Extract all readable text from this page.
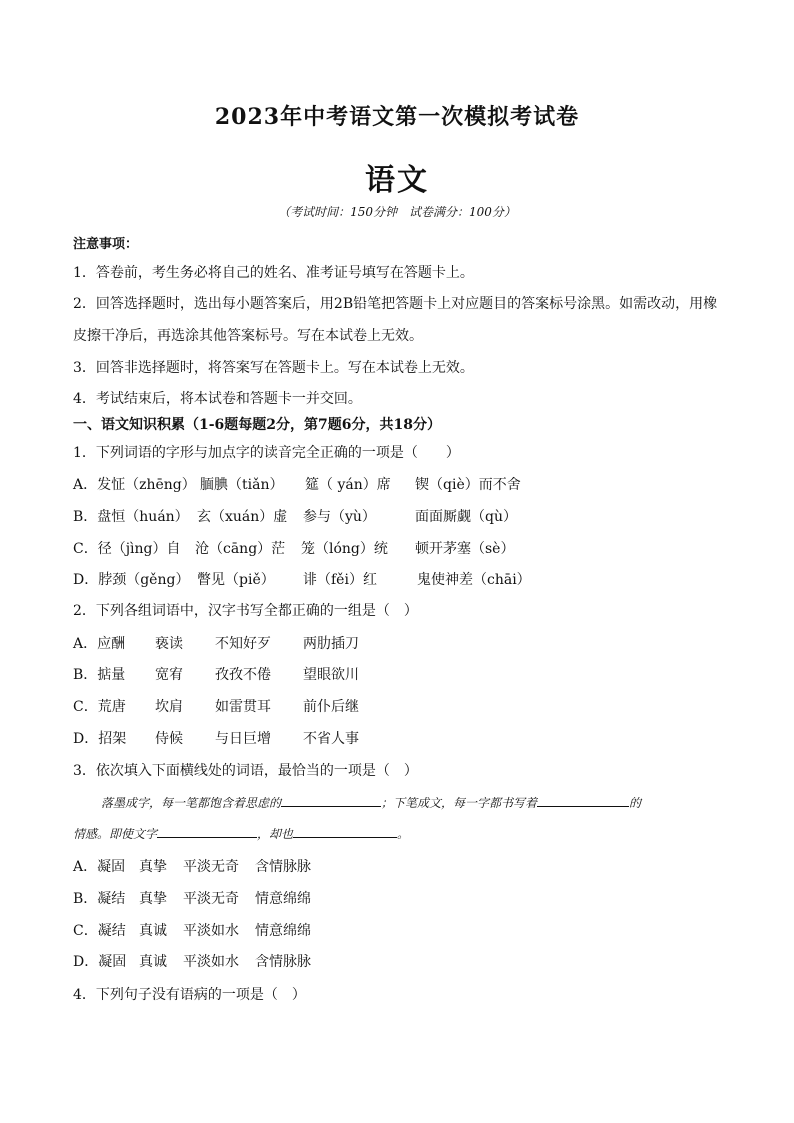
2023年中考语文第一次模拟考试卷
语文
（考试时间：150分钟　试卷满分：100分）
注意事项：
1．答卷前，考生务必将自己的姓名、准考证号填写在答题卡上。
2．回答选择题时，选出每小题答案后，用2B铅笔把答题卡上对应题目的答案标号涂黑。如需改动，用橡
皮擦干净后，再选涂其他答案标号。写在本试卷上无效。
3．回答非选择题时，将答案写在答题卡上。写在本试卷上无效。
4．考试结束后，将本试卷和答题卡一并交回。
一、语文知识积累（1-6题每题2分，第7题6分，共18分）
1．下列词语的字形与加点字的读音完全正确的一项是（　　）
A．发怔（zhēng） 腼腆（tiǎn） 筵（ yán）席 锲（qiè）而不舍
B．盘恒（huán） 玄（xuán）虚 参与（yù）	面面厮觑（qù）
C．径（jìng）自 沧（cāng）茫 笼（lóng）统 顿开茅塞（sè）
D．脖颈（gěng） 瞥见（piě） 诽（fěi）红	鬼使神差（chāi）
2．下列各组词语中，汉字书写全都正确的一组是（　）
A．应酬 亵读 不知好歹 两肋插刀
B．掂量 宽宥 孜孜不倦 望眼欲川
C．荒唐 坎肩 如雷贯耳 前仆后继
D．招架 侍候 与日巨增 不省人事
3．依次填入下面横线处的词语，最恰当的一项是（　）
落墨成字，每一笔都饱含着思虑的	；下笔成文，每一字都书写着	的
情感。即使文字	，却也	。
A．凝固 真挚 平淡无奇 含情脉脉
B．凝结 真挚 平淡无奇 情意绵绵
C．凝结 真诚 平淡如水 情意绵绵
D．凝固 真诚 平淡如水 含情脉脉
4．下列句子没有语病的一项是（　）
